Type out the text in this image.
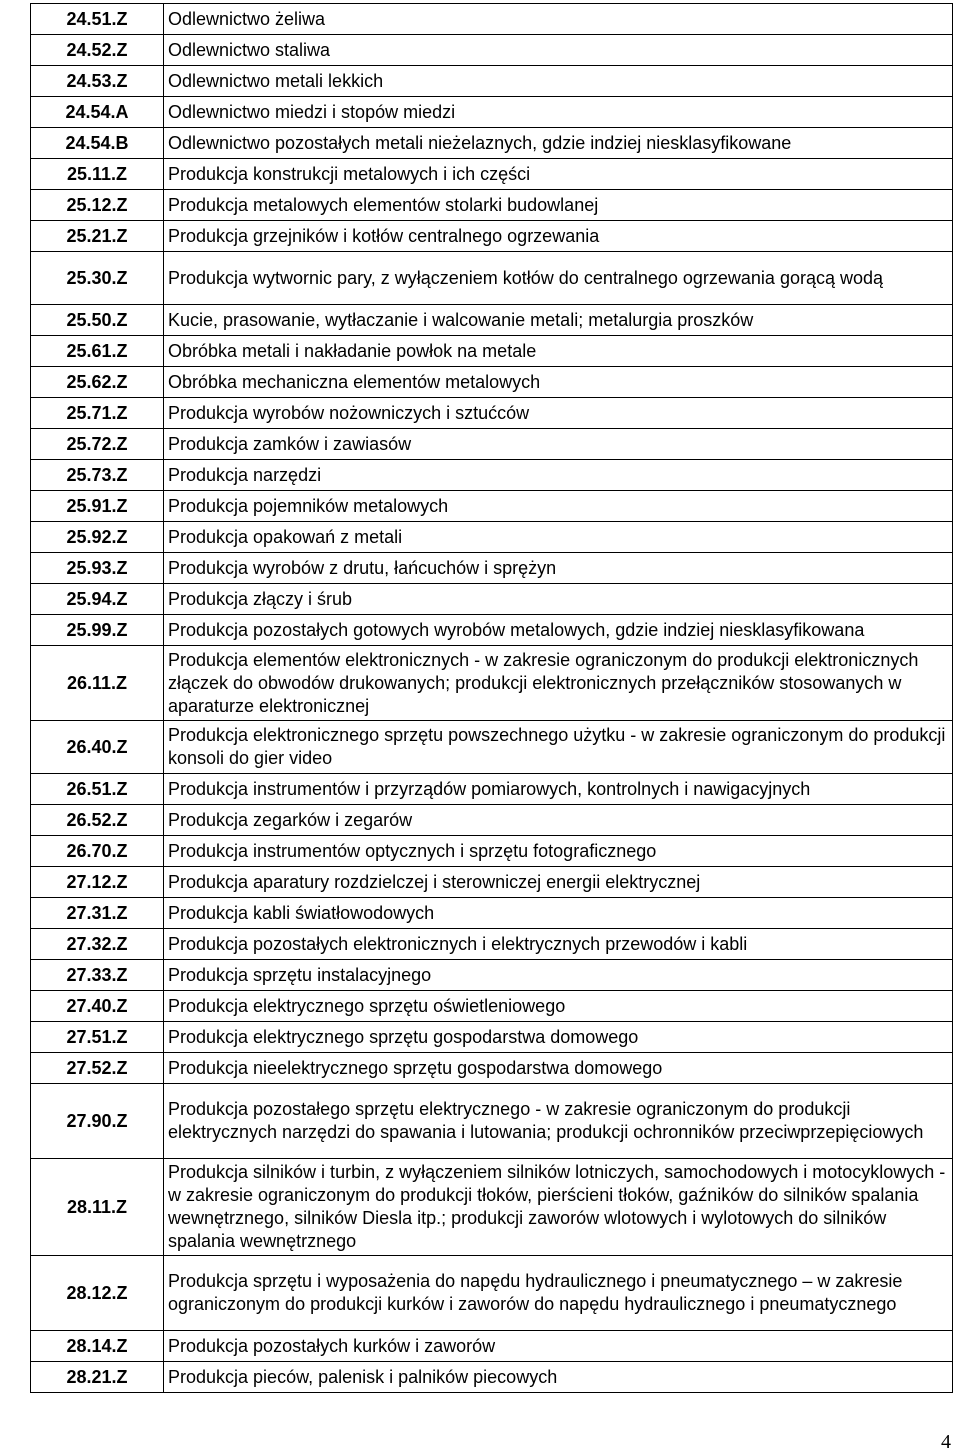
24.51.Z	Odlewnictwo żeliwa
24.52.Z	Odlewnictwo staliwa
24.53.Z	Odlewnictwo metali lekkich
24.54.A	Odlewnictwo miedzi i stopów miedzi
24.54.B	Odlewnictwo pozostałych metali nieżelaznych, gdzie indziej niesklasyfikowane
25.11.Z	Produkcja konstrukcji metalowych i ich części
25.12.Z	Produkcja metalowych elementów stolarki budowlanej
25.21.Z	Produkcja grzejników i kotłów centralnego ogrzewania
25.30.Z	Produkcja wytwornic pary, z wyłączeniem kotłów do centralnego ogrzewania gorącą wodą
25.50.Z	Kucie, prasowanie, wytłaczanie i walcowanie metali; metalurgia proszków
25.61.Z	Obróbka metali i nakładanie powłok na metale
25.62.Z	Obróbka mechaniczna elementów metalowych
25.71.Z	Produkcja wyrobów nożowniczych i sztućców
25.72.Z	Produkcja zamków i zawiasów
25.73.Z	Produkcja narzędzi
25.91.Z	Produkcja pojemników metalowych
25.92.Z	Produkcja opakowań z metali
25.93.Z	Produkcja wyrobów z drutu, łańcuchów i sprężyn
25.94.Z	Produkcja złączy i śrub
25.99.Z	Produkcja pozostałych gotowych wyrobów metalowych, gdzie indziej niesklasyfikowana
26.11.Z	Produkcja elementów elektronicznych - w zakresie ograniczonym do produkcji elektronicznych złączek do obwodów drukowanych; produkcji elektronicznych przełączników stosowanych w aparaturze elektronicznej
26.40.Z	Produkcja elektronicznego sprzętu powszechnego użytku - w zakresie ograniczonym do produkcji konsoli do gier video
26.51.Z	Produkcja instrumentów i przyrządów pomiarowych, kontrolnych i nawigacyjnych
26.52.Z	Produkcja zegarków i zegarów
26.70.Z	Produkcja instrumentów optycznych i sprzętu fotograficznego
27.12.Z	Produkcja aparatury rozdzielczej i sterowniczej energii elektrycznej
27.31.Z	Produkcja kabli światłowodowych
27.32.Z	Produkcja pozostałych elektronicznych i elektrycznych przewodów i kabli
27.33.Z	Produkcja sprzętu instalacyjnego
27.40.Z	Produkcja elektrycznego sprzętu oświetleniowego
27.51.Z	Produkcja elektrycznego sprzętu gospodarstwa domowego
27.52.Z	Produkcja nieelektrycznego sprzętu gospodarstwa domowego
27.90.Z	Produkcja pozostałego sprzętu elektrycznego - w zakresie ograniczonym do produkcji elektrycznych narzędzi do spawania i lutowania; produkcji ochronników przeciwprzepięciowych
28.11.Z	Produkcja silników i turbin, z wyłączeniem silników lotniczych, samochodowych i motocyklowych - w zakresie ograniczonym do produkcji tłoków, pierścieni tłoków, gaźników do silników spalania wewnętrznego, silników Diesla itp.; produkcji zaworów wlotowych i wylotowych do silników spalania wewnętrznego
28.12.Z	Produkcja sprzętu i wyposażenia do napędu hydraulicznego i pneumatycznego – w zakresie ograniczonym do produkcji kurków i zaworów do napędu hydraulicznego i pneumatycznego
28.14.Z	Produkcja pozostałych kurków i zaworów
28.21.Z	Produkcja pieców, palenisk i palników piecowych
4
